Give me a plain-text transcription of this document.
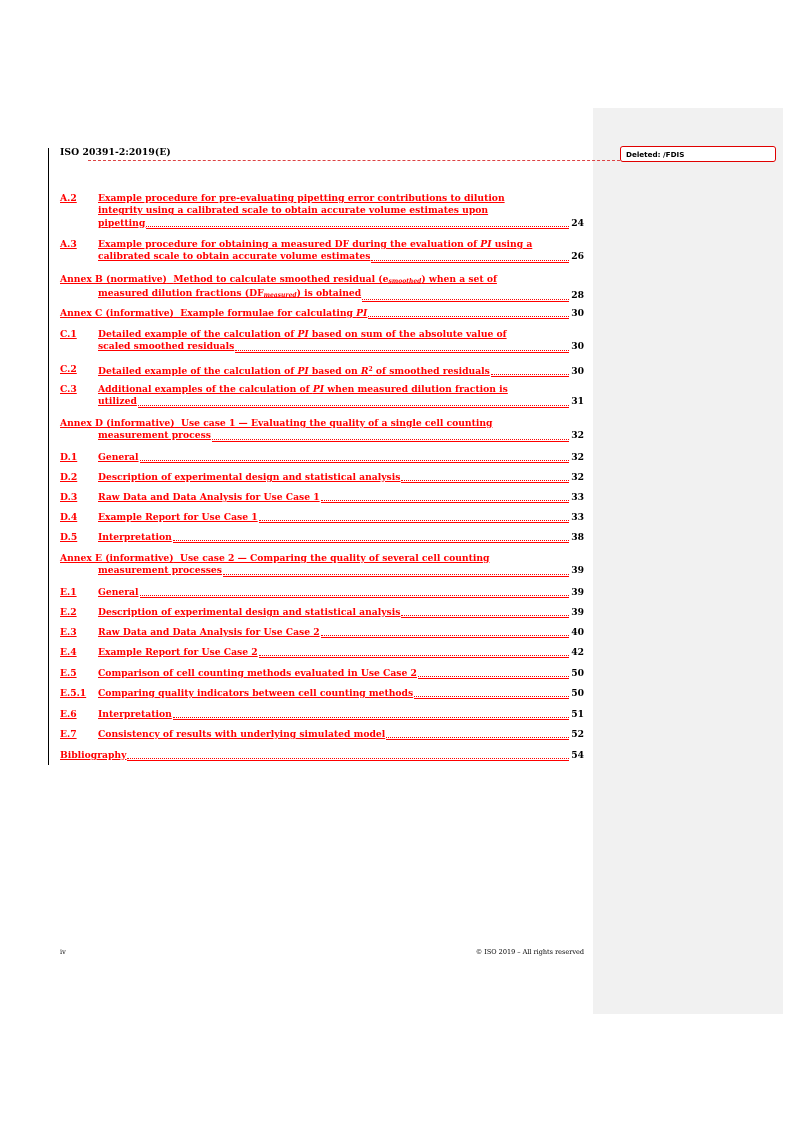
ISO 20391-2:2019(E)	Deleted: /FDIS
A.2 Example procedure for pre-evaluating pipetting error contributions to dilution
integrity using a calibrated scale to obtain accurate volume estimates upon
pipetting	24
A.3 Example procedure for obtaining a measured DF during the evaluation of PI using a
calibrated scale to obtain accurate volume estimates	26
Annex B (normative) Method to calculate smoothed residual (esmoothed) when a set of
measured dilution fractions (DFmeasured) is obtained	28
Annex C (informative)  Example formulae for calculating PI	30
C.1 Detailed example of the calculation of PI based on sum of the absolute value of
scaled smoothed residuals	30
C.2 Detailed example of the calculation of PI based on $R^2$ of smoothed residuals	30
C.3 Additional examples of the calculation of PI when measured dilution fraction is
utilized	31
Annex D (informative) Use case 1 — Evaluating the quality of a single cell counting
measurement process	32
D.1 General	32
D.2 Description of experimental design and statistical analysis	32
D.3 Raw Data and Data Analysis for Use Case 1	33
D.4 Example Report for Use Case 1	33
D.5 Interpretation	38
Annex E (informative) Use case 2 — Comparing the quality of several cell counting
measurement processes	39
E.1 General	39
E.2 Description of experimental design and statistical analysis	39
E.3 Raw Data and Data Analysis for Use Case 2	40
E.4 Example Report for Use Case 2	42
E.5 Comparison of cell counting methods evaluated in Use Case 2	50
E.5.1 Comparing quality indicators between cell counting methods	50
E.6 Interpretation	51
E.7 Consistency of results with underlying simulated model	52
Bibliography	54
iv	© ISO 2019 – All rights reserved
